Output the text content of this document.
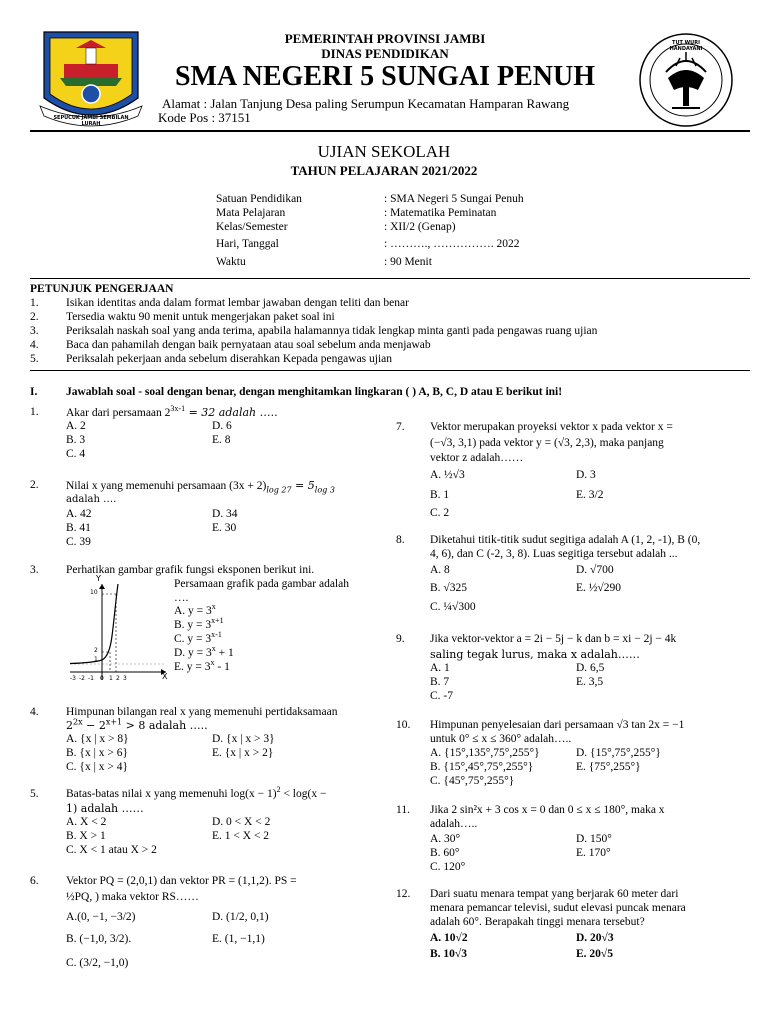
SEPUCUK JAMBI SEMBILAN LURAH
TUT WURI HANDAYANI
PEMERINTAH PROVINSI JAMBI
DINAS PENDIDIKAN
SMA NEGERI 5 SUNGAI PENUH
Alamat : Jalan Tanjung Desa paling Serumpun Kecamatan Hamparan Rawang
Kode Pos : 37151
UJIAN SEKOLAH
TAHUN PELAJARAN 2021/2022
Satuan Pendidikan	: SMA Negeri 5 Sungai Penuh
Mata Pelajaran	: Matematika Peminatan
Kelas/Semester	: XII/2 (Genap)
Hari, Tanggal	: ………., ……………. 2022
Waktu	: 90 Menit
PETUNJUK PENGERJAAN
1. Isikan identitas anda dalam format lembar jawaban dengan teliti dan benar
2. Tersedia waktu 90 menit untuk mengerjakan paket soal ini
3. Periksalah naskah soal yang anda terima, apabila halamannya tidak lengkap minta ganti pada pengawas ruang ujian
4. Baca dan pahamilah dengan baik pernyataan atau soal sebelum anda menjawab
5. Periksalah pekerjaan anda sebelum diserahkan Kepada pengawas ujian
I. Jawablah soal - soal dengan benar, dengan menghitamkan lingkaran ( ) A, B, C, D atau E berikut ini!
1. Akar dari persamaan $2^{3x-1} = 32$ adalah …..
A. 2
B. 3
C. 4
D. 6
E. 8
2. Nilai x yang memenuhi persamaan $(3x + 2)_{log 27} = 5_{log 3}$
adalah ….
A. 42
B. 41
C. 39
D. 34
E. 30
3. Perhatikan gambar grafik fungsi eksponen berikut ini.
Persamaan grafik pada gambar adalah
….
Y
X
10
2
1
-3 -2 -1 0 1 2 3
A. $y = 3^x$
B. $y = 3^{x+1}$
C. $y = 3^{x-1}$
D. $y = 3^x + 1$
E. $y = 3^x - 1$
4. Himpunan bilangan real x yang memenuhi pertidaksamaan
$2^{2x} - 2^{x+1} > 8$ adalah …..
A. {x | x > 8}
B. {x | x > 6}
C. {x | x > 4}
D. {x | x > 3}
E. {x | x > 2}
5. Batas-batas nilai x yang memenuhi $\log(x - 1)^2 < \log(x$ −
1) adalah ……
A. X < 2
B. X > 1
C. X < 1 atau X > 2
D. 0 < X < 2
E. 1 < X < 2
6. Vektor PQ = (2,0,1) dan vektor PR = (1,1,2). PS =
½PQ, ) maka vektor RS……
A.(0, −1, −3/2)
B. (−1,0, 3/2).
C. (3/2, −1,0)
D. (1/2, 0,1)
E. (1, −1,1)
7. Vektor merupakan proyeksi vektor x pada vektor x =
(−√3, 3,1) pada vektor y = (√3, 2,3), maka panjang
vektor z adalah……
A. ½√3
B. 1
C. 2
D. 3
E. 3/2
8. Diketahui titik-titik sudut segitiga adalah A (1, 2, -1), B (0,
4, 6), dan C (-2, 3, 8). Luas segitiga tersebut adalah ...
A. 8
B. √325
C. ¼√300
D. √700
E. ½√290
9. Jika vektor-vektor a = 2i − 5j − k dan b = xi − 2j − 4k
saling tegak lurus, maka x adalah……
A. 1
B. 7
C. -7
D. 6,5
E. 3,5
10. Himpunan penyelesaian dari persamaan √3 tan 2x = −1
untuk 0° ≤ x ≤ 360° adalah…..
A. {15°,135°,75°,255°}
B. {15°,45°,75°,255°}
C. {45°,75°,255°}
D. {15°,75°,255°}
E. {75°,255°}
11. Jika 2 sin²x + 3 cos x = 0 dan 0 ≤ x ≤ 180°, maka x
adalah…..
A. 30°
B. 60°
C. 120°
D. 150°
E. 170°
12. Dari suatu menara tempat yang berjarak 60 meter dari
menara pemancar televisi, sudut elevasi puncak menara
adalah 60°. Berapakah tinggi menara tersebut?
A. 10√2
B. 10√3
D. 20√3
E. 20√5
